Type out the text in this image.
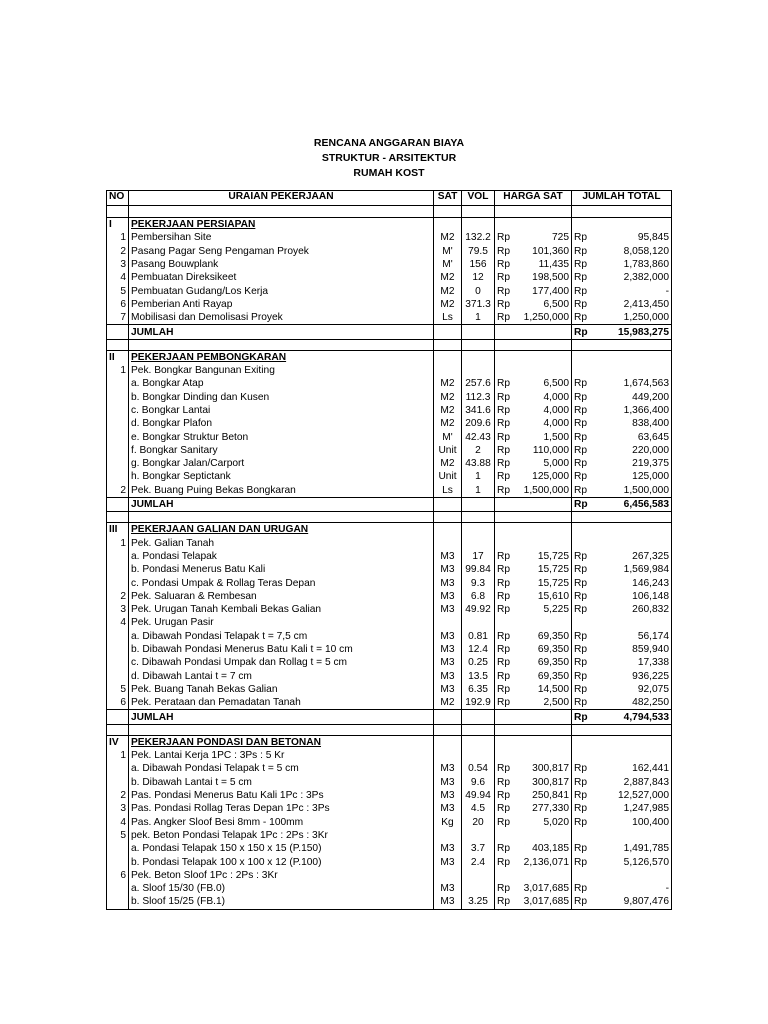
RENCANA ANGGARAN BIAYA
STRUKTUR - ARSITEKTUR
RUMAH KOST
NO	URAIAN PEKERJAAN	SAT	VOL	HARGA SAT		JUMLAH TOTAL	

I	PEKERJAAN PERSIAPAN						
1	Pembersihan Site	M2	132.2	Rp	725	Rp	95,845
2	Pasang Pagar Seng Pengaman Proyek	M'	79.5	Rp	101,360	Rp	8,058,120
3	Pasang Bouwplank	M'	156	Rp	11,435	Rp	1,783,860
4	Pembuatan Direksikeet	M2	12	Rp	198,500	Rp	2,382,000
5	Pembuatan Gudang/Los Kerja	M2	0	Rp	177,400	Rp	-
6	Pemberian Anti Rayap	M2	371.3	Rp	6,500	Rp	2,413,450
7	Mobilisasi dan Demolisasi Proyek	Ls	1	Rp	1,250,000	Rp	1,250,000
	JUMLAH					Rp	15,983,275

II	PEKERJAAN PEMBONGKARAN						
1	Pek. Bongkar Bangunan Exiting						
	a. Bongkar Atap	M2	257.6	Rp	6,500	Rp	1,674,563
	b. Bongkar Dinding dan Kusen	M2	112.3	Rp	4,000	Rp	449,200
	c. Bongkar Lantai	M2	341.6	Rp	4,000	Rp	1,366,400
	d. Bongkar Plafon	M2	209.6	Rp	4,000	Rp	838,400
	e. Bongkar Struktur Beton	M'	42.43	Rp	1,500	Rp	63,645
	f. Bongkar Sanitary	Unit	2	Rp	110,000	Rp	220,000
	g. Bongkar Jalan/Carport	M2	43.88	Rp	5,000	Rp	219,375
	h. Bongkar Septictank	Unit	1	Rp	125,000	Rp	125,000
2	Pek. Buang Puing Bekas Bongkaran	Ls	1	Rp	1,500,000	Rp	1,500,000
	JUMLAH					Rp	6,456,583

III	PEKERJAAN GALIAN DAN URUGAN						
1	Pek. Galian Tanah						
	a. Pondasi Telapak	M3	17	Rp	15,725	Rp	267,325
	b. Pondasi Menerus Batu Kali	M3	99.84	Rp	15,725	Rp	1,569,984
	c. Pondasi Umpak & Rollag Teras Depan	M3	9.3	Rp	15,725	Rp	146,243
2	Pek. Saluaran & Rembesan	M3	6.8	Rp	15,610	Rp	106,148
3	Pek. Urugan Tanah Kembali Bekas Galian	M3	49.92	Rp	5,225	Rp	260,832
4	Pek. Urugan Pasir						
	a. Dibawah Pondasi Telapak t = 7,5 cm	M3	0.81	Rp	69,350	Rp	56,174
	b. Dibawah Pondasi Menerus Batu Kali t = 10 cm	M3	12.4	Rp	69,350	Rp	859,940
	c. Dibawah Pondasi Umpak dan Rollag t = 5 cm	M3	0.25	Rp	69,350	Rp	17,338
	d. Dibawah Lantai t = 7 cm	M3	13.5	Rp	69,350	Rp	936,225
5	Pek. Buang Tanah Bekas Galian	M3	6.35	Rp	14,500	Rp	92,075
6	Pek. Perataan dan Pemadatan Tanah	M2	192.9	Rp	2,500	Rp	482,250
	JUMLAH					Rp	4,794,533

IV	PEKERJAAN PONDASI DAN BETONAN						
1	Pek. Lantai Kerja 1PC : 3Ps : 5 Kr						
	a. Dibawah Pondasi Telapak t = 5 cm	M3	0.54	Rp	300,817	Rp	162,441
	b. Dibawah Lantai t = 5 cm	M3	9.6	Rp	300,817	Rp	2,887,843
2	Pas. Pondasi Menerus Batu Kali 1Pc : 3Ps	M3	49.94	Rp	250,841	Rp	12,527,000
3	Pas. Pondasi Rollag Teras Depan 1Pc : 3Ps	M3	4.5	Rp	277,330	Rp	1,247,985
4	Pas. Angker Sloof Besi 8mm - 100mm	Kg	20	Rp	5,020	Rp	100,400
5	pek. Beton Pondasi Telapak 1Pc : 2Ps : 3Kr						
	a. Pondasi Telapak 150 x 150 x 15 (P.150)	M3	3.7	Rp	403,185	Rp	1,491,785
	b. Pondasi Telapak 100 x 100 x 12 (P.100)	M3	2.4	Rp	2,136,071	Rp	5,126,570
6	Pek. Beton Sloof 1Pc : 2Ps : 3Kr						
	a. Sloof 15/30 (FB.0)	M3		Rp	3,017,685	Rp	-
	b. Sloof 15/25 (FB.1)	M3	3.25	Rp	3,017,685	Rp	9,807,476
